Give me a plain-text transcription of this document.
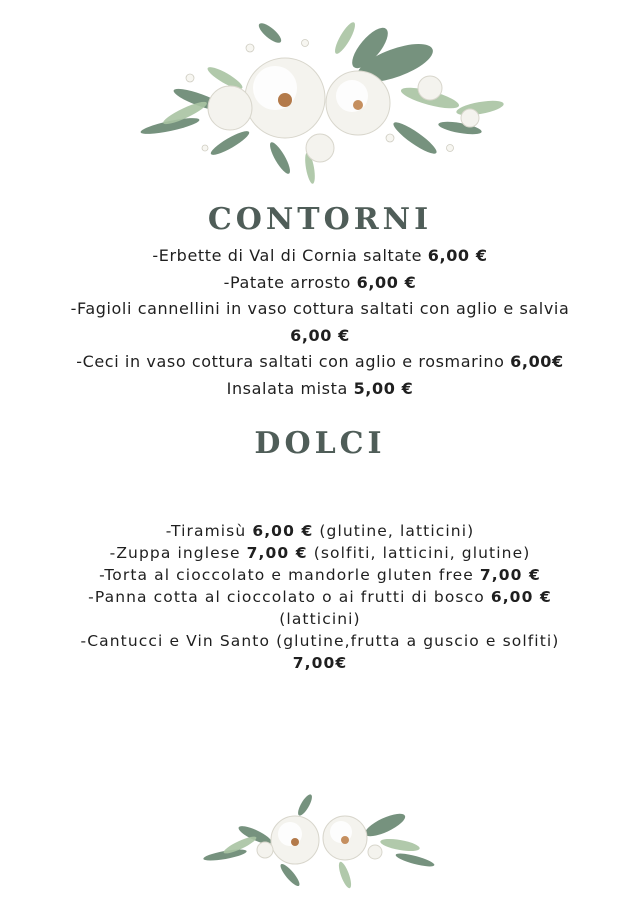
CONTORNI
-Erbette di Val di Cornia saltate 6,00 €
-Patate arrosto 6,00 €
-Fagioli cannellini in vaso cottura saltati con aglio e salvia
6,00 €
-Ceci in vaso cottura saltati con aglio e rosmarino 6,00€
Insalata mista 5,00 €
DOLCI
-Tiramisù 6,00 € (glutine, latticini)
-Zuppa inglese 7,00 € (solfiti, latticini, glutine)
-Torta al cioccolato e mandorle gluten free 7,00 €
-Panna cotta al cioccolato o ai frutti di bosco 6,00 €
(latticini)
-Cantucci e Vin Santo (glutine,frutta a guscio e solfiti)
7,00€
